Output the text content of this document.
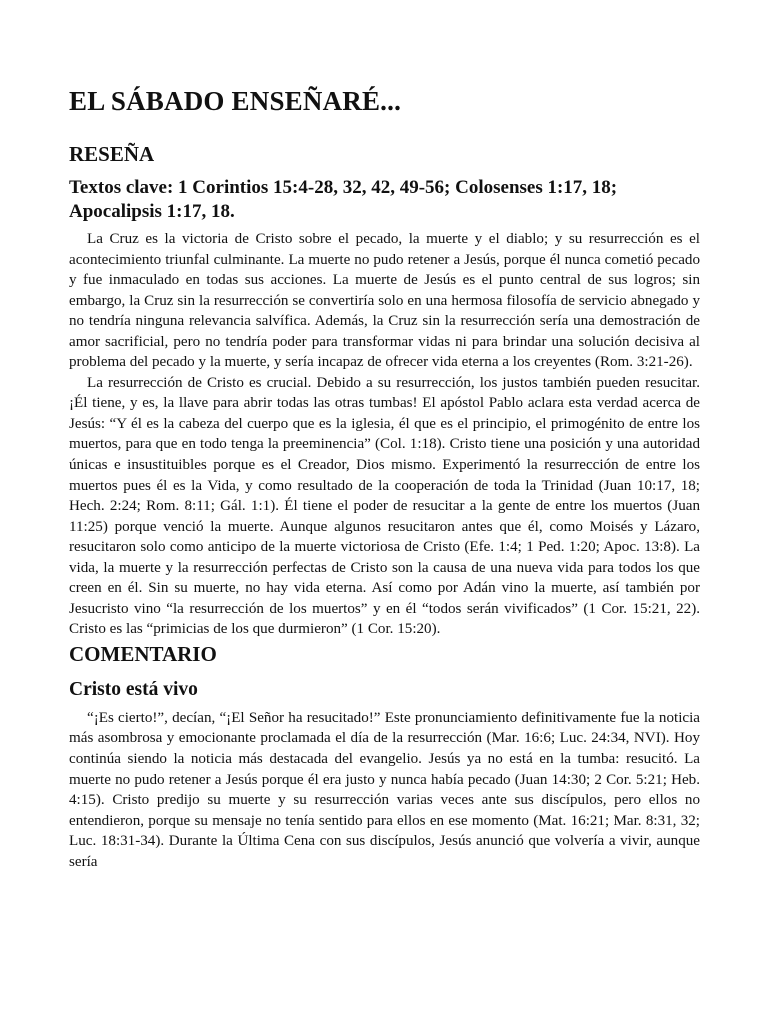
EL SÁBADO ENSEÑARÉ...
RESEÑA
Textos clave: 1 Corintios 15:4-28, 32, 42, 49-56; Colosenses 1:17, 18; Apocalipsis 1:17, 18.

La Cruz es la victoria de Cristo sobre el pecado, la muerte y el diablo; y su resurrección es el acontecimiento triunfal culminante. La muerte no pudo retener a Jesús, porque él nunca cometió pecado y fue inmaculado en todas sus acciones. La muerte de Jesús es el punto central de sus logros; sin embargo, la Cruz sin la resurrección se convertiría solo en una hermosa filosofía de servicio abnegado y no tendría ninguna relevancia salvífica. Además, la Cruz sin la resurrección sería una demostración de amor sacrificial, pero no tendría poder para transformar vidas ni para brindar una solución decisiva al problema del pecado y la muerte, y sería incapaz de ofrecer vida eterna a los creyentes (Rom. 3:21-26).

La resurrección de Cristo es crucial. Debido a su resurrección, los justos también pueden resucitar. ¡Él tiene, y es, la llave para abrir todas las otras tumbas! El apóstol Pablo aclara esta verdad acerca de Jesús: “Y él es la cabeza del cuerpo que es la iglesia, él que es el principio, el primogénito de entre los muertos, para que en todo tenga la preeminencia” (Col. 1:18). Cristo tiene una posición y una autoridad únicas e insustituibles porque es el Creador, Dios mismo. Experimentó la resurrección de entre los muertos pues él es la Vida, y como resultado de la cooperación de toda la Trinidad (Juan 10:17, 18; Hech. 2:24; Rom. 8:11; Gál. 1:1). Él tiene el poder de resucitar a la gente de entre los muertos (Juan 11:25) porque venció la muerte. Aunque algunos resucitaron antes que él, como Moisés y Lázaro, resucitaron solo como anticipo de la muerte victoriosa de Cristo (Efe. 1:4; 1 Ped. 1:20; Apoc. 13:8). La vida, la muerte y la resurrección perfectas de Cristo son la causa de una nueva vida para todos los que creen en él. Sin su muerte, no hay vida eterna. Así como por Adán vino la muerte, así también por Jesucristo vino “la resurrección de los muertos” y en él “todos serán vivificados” (1 Cor. 15:21, 22). Cristo es las “primicias de los que durmieron” (1 Cor. 15:20).

COMENTARIO
Cristo está vivo

“¡Es cierto!”, decían, “¡El Señor ha resucitado!” Este pronunciamiento definitivamente fue la noticia más asombrosa y emocionante proclamada el día de la resurrección (Mar. 16:6; Luc. 24:34, NVI). Hoy continúa siendo la noticia más destacada del evangelio. Jesús ya no está en la tumba: resucitó. La muerte no pudo retener a Jesús porque él era justo y nunca había pecado (Juan 14:30; 2 Cor. 5:21; Heb. 4:15). Cristo predijo su muerte y su resurrección varias veces ante sus discípulos, pero ellos no entendieron, porque su mensaje no tenía sentido para ellos en ese momento (Mat. 16:21; Mar. 8:31, 32; Luc. 18:31-34). Durante la Última Cena con sus discípulos, Jesús anunció que volvería a vivir, aunque sería
